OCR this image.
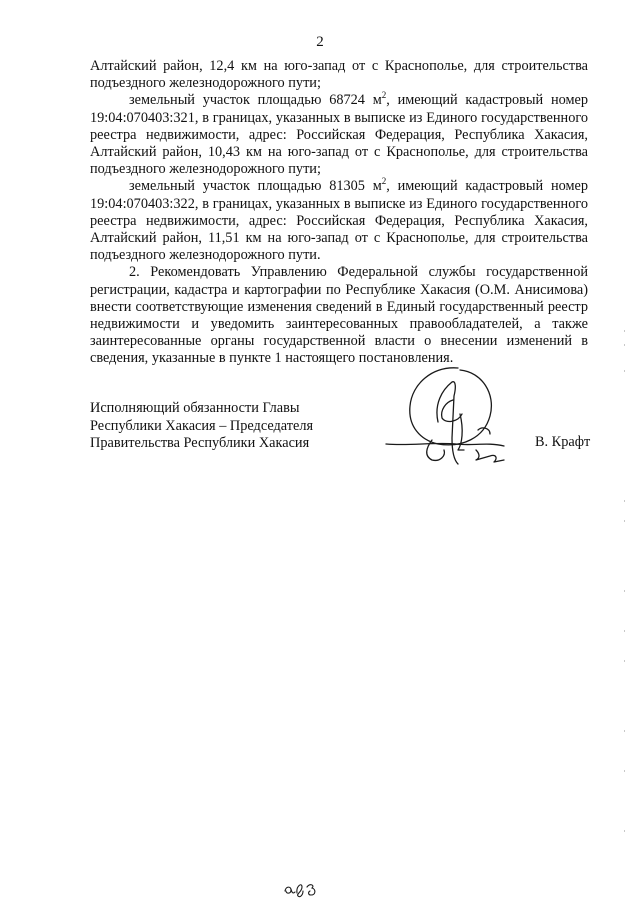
2

Алтайский район, 12,4 км на юго-запад от с Краснополье, для строительства подъездного железнодорожного пути;

земельный участок площадью 68724 $м^2$, имеющий кадастровый номер 19:04:070403:321, в границах, указанных в выписке из Единого государственного реестра недвижимости, адрес: Российская Федерация, Республика Хакасия, Алтайский район, 10,43 км на юго-запад от с Краснополье, для строительства подъездного железнодорожного пути;

земельный участок площадью 81305 $м^2$, имеющий кадастровый номер 19:04:070403:322, в границах, указанных в выписке из Единого государственного реестра недвижимости, адрес: Российская Федерация, Республика Хакасия, Алтайский район, 11,51 км на юго-запад от с Краснополье, для строительства подъездного железнодорожного пути.

2. Рекомендовать Управлению Федеральной службы государственной регистрации, кадастра и картографии по Республике Хакасия (О.М. Анисимова) внести соответствующие изменения сведений в Единый государственный реестр недвижимости и уведомить заинтересованных правообладателей, а также заинтересованные органы государственной власти о внесении изменений в сведения, указанные в пункте 1 настоящего постановления.

Исполняющий обязанности Главы
Республики Хакасия – Председателя
Правительства Республики Хакасия	В. Крафт
